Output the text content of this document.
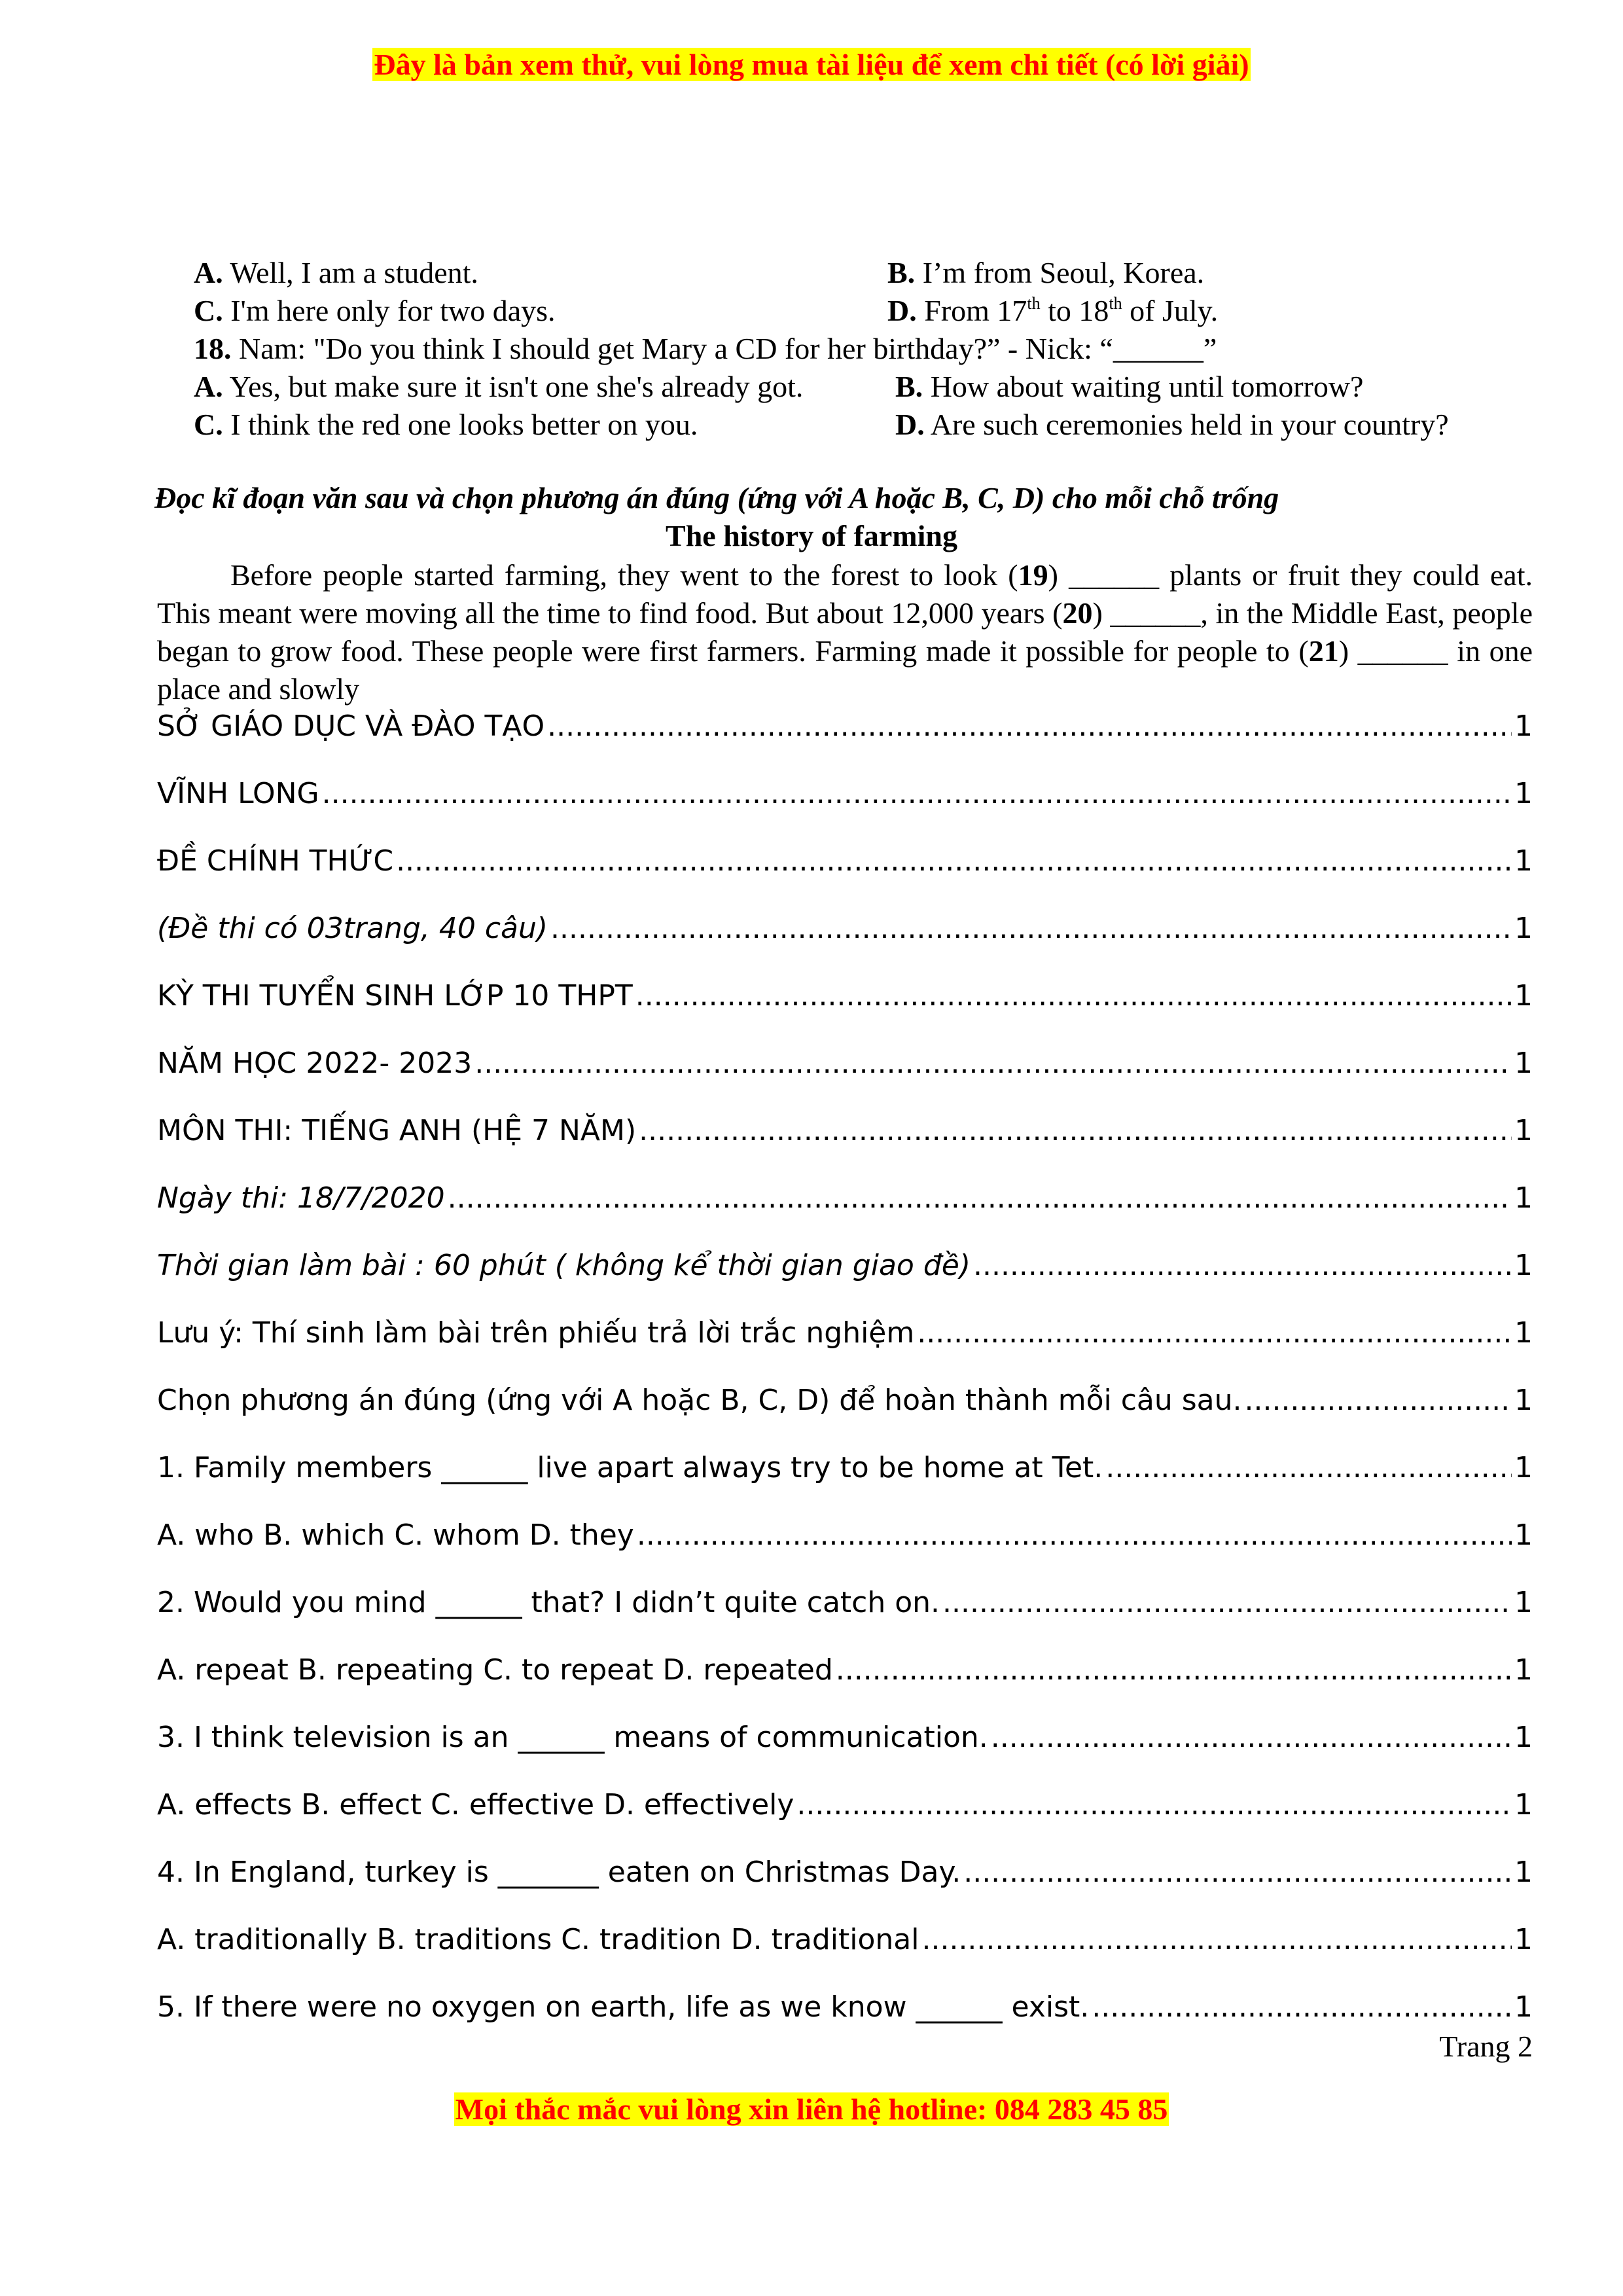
Đây là bản xem thử, vui lòng mua tài liệu để xem chi tiết (có lời giải)
A. Well, I am a student.	B. I’m from Seoul, Korea.
C. I'm here only for two days.	D. From 17th to 18th of July.
18. Nam: "Do you think I should get Mary a CD for her birthday?” - Nick: “______”
A. Yes, but make sure it isn't one she's already got.	B. How about waiting until tomorrow?
C. I think the red one looks better on you.	D. Are such ceremonies held in your country?
Đọc kĩ đoạn văn sau và chọn phương án đúng (ứng với A hoặc B, C, D) cho mỗi chỗ trống
The history of farming
Before people started farming, they went to the forest to look (19) ______ plants or fruit they could eat. This meant were moving all the time to find food. But about 12,000 years (20) ______, in the Middle East, people began to grow food. These people were first farmers. Farming made it possible for people to (21) ______ in one place and slowly
SỞ GIÁO DỤC VÀ ĐÀO TẠO .....	1
VĨNH LONG .....	1
ĐỀ CHÍNH THỨC .....	1
(Đề thi có 03trang, 40 câu) .....	1
KỲ THI TUYỂN SINH LỚP 10 THPT .....	1
NĂM HỌC 2022- 2023 .....	1
MÔN THI: TIẾNG ANH (HỆ 7 NĂM) .....	1
Ngày thi: 18/7/2020 .....	1
Thời gian làm bài : 60 phút ( không kể thời gian giao đề) .....	1
Lưu ý: Thí sinh làm bài trên phiếu trả lời trắc nghiệm .....	1
Chọn phương án đúng (ứng với A hoặc B, C, D) để hoàn thành mỗi câu sau. .....	1
1. Family members ______ live apart always try to be home at Tet. .....	1
A. who B. which C. whom D. they .....	1
2. Would you mind ______ that? I didn’t quite catch on. .....	1
A. repeat B. repeating C. to repeat D. repeated .....	1
3. I think television is an ______ means of communication. .....	1
A. effects B. effect C. effective D. effectively .....	1
4. In England, turkey is _______ eaten on Christmas Day. .....	1
A. traditionally B. traditions C. tradition D. traditional .....	1
5. If there were no oxygen on earth, life as we know ______ exist. .....	1
Trang 2
Mọi thắc mắc vui lòng xin liên hệ hotline: 084 283 45 85
